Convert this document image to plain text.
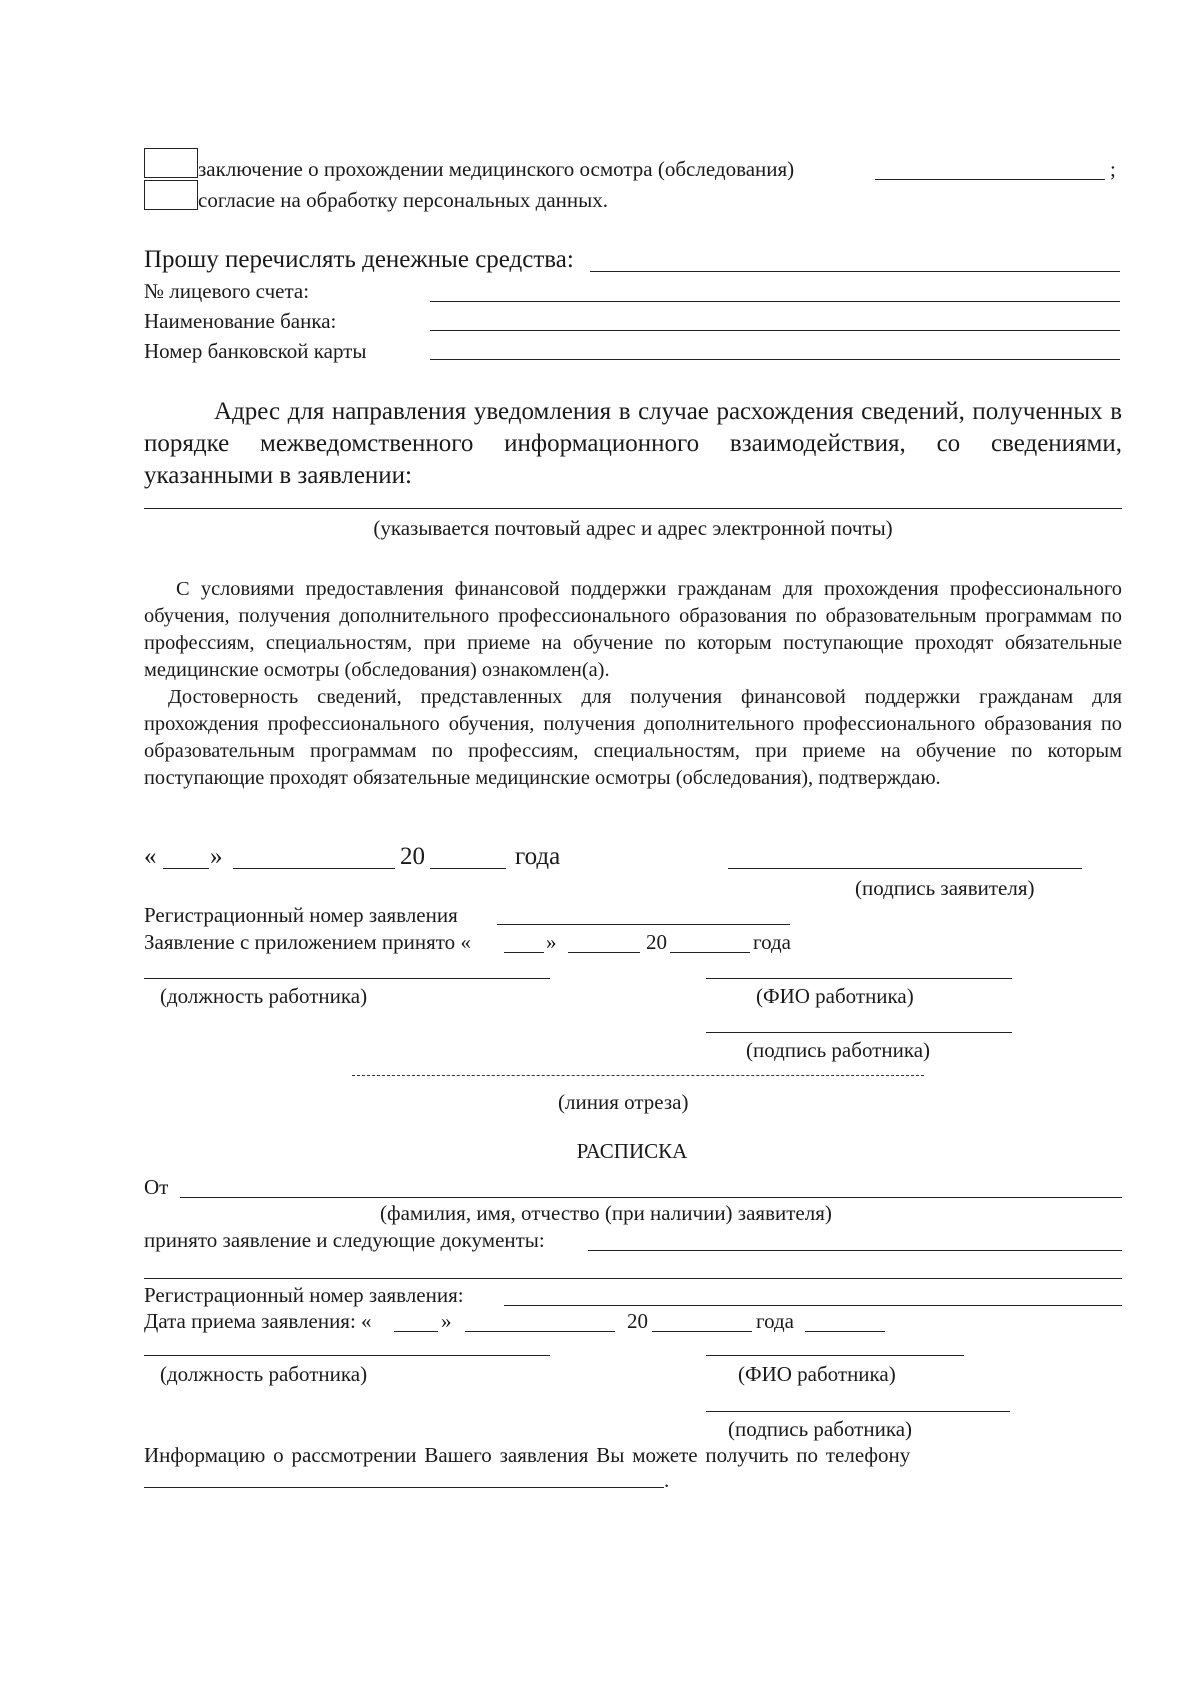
заключение о прохождении медицинского осмотра (обследования)	;
согласие на обработку персональных данных.
Прошу перечислять денежные средства:
№ лицевого счета:
Наименование банка:
Номер банковской карты
Адрес для направления уведомления в случае расхождения сведений, полученных в порядке межведомственного информационного взаимодействия, со сведениями, указанными в заявлении:
(указывается почтовый адрес и адрес электронной почты)
С условиями предоставления финансовой поддержки гражданам для прохождения профессионального обучения, получения дополнительного профессионального образования по образовательным программам по профессиям, специальностям, при приеме на обучение по которым поступающие проходят обязательные медицинские осмотры (обследования) ознакомлен(а).
Достоверность сведений, представленных для получения финансовой поддержки гражданам для прохождения профессионального обучения, получения дополнительного профессионального образования по образовательным программам по профессиям, специальностям, при приеме на обучение по которым поступающие проходят обязательные медицинские осмотры (обследования), подтверждаю.
« »	20	года
(подпись заявителя)
Регистрационный номер заявления
Заявление с приложением принято «	»	20	года
(должность работника)	(ФИО работника)
(подпись работника)
(линия отреза)
РАСПИСКА
От
(фамилия, имя, отчество (при наличии) заявителя)
принято заявление и следующие документы:
Регистрационный номер заявления:
Дата приема заявления: «	»	20	года
(должность работника)	(ФИО работника)
(подпись работника)
Информацию о рассмотрении Вашего заявления Вы можете получить по телефону
.
